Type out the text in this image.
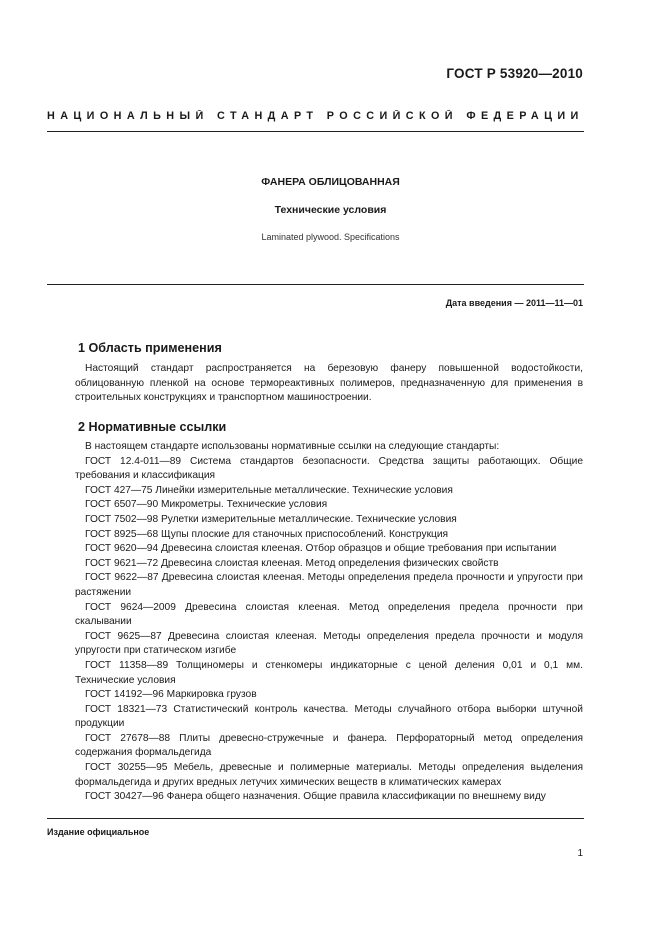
ГОСТ Р 53920—2010
НАЦИОНАЛЬНЫЙ СТАНДАРТ РОССИЙСКОЙ ФЕДЕРАЦИИ
ФАНЕРА ОБЛИЦОВАННАЯ
Технические условия
Laminated plywood. Specifications
Дата введения — 2011—11—01
1 Область применения

Настоящий стандарт распространяется на березовую фанеру повышенной водостойкости, облицованную пленкой на основе термореактивных полимеров, предназначенную для применения в строительных конструкциях и транспортном машиностроении.

2 Нормативные ссылки

В настоящем стандарте использованы нормативные ссылки на следующие стандарты:

ГОСТ 12.4-011—89 Система стандартов безопасности. Средства защиты работающих. Общие требования и классификация

ГОСТ 427—75 Линейки измерительные металлические. Технические условия

ГОСТ 6507—90 Микрометры. Технические условия

ГОСТ 7502—98 Рулетки измерительные металлические. Технические условия

ГОСТ 8925—68 Щупы плоские для станочных приспособлений. Конструкция

ГОСТ 9620—94 Древесина слоистая клееная. Отбор образцов и общие требования при испытании

ГОСТ 9621—72 Древесина слоистая клееная. Метод определения физических свойств

ГОСТ 9622—87 Древесина слоистая клееная. Методы определения предела прочности и упругости при растяжении

ГОСТ 9624—2009 Древесина слоистая клееная. Метод определения предела прочности при скалывании

ГОСТ 9625—87 Древесина слоистая клееная. Методы определения предела прочности и модуля упругости при статическом изгибе

ГОСТ 11358—89 Толщиномеры и стенкомеры индикаторные с ценой деления 0,01 и 0,1 мм. Технические условия

ГОСТ 14192—96 Маркировка грузов

ГОСТ 18321—73 Статистический контроль качества. Методы случайного отбора выборки штучной продукции

ГОСТ 27678—88 Плиты древесно-стружечные и фанера. Перфораторный метод определения содержания формальдегида

ГОСТ 30255—95 Мебель, древесные и полимерные материалы. Методы определения выделения формальдегида и других вредных летучих химических веществ в климатических камерах

ГОСТ 30427—96 Фанера общего назначения. Общие правила классификации по внешнему виду

Издание официальное
1
